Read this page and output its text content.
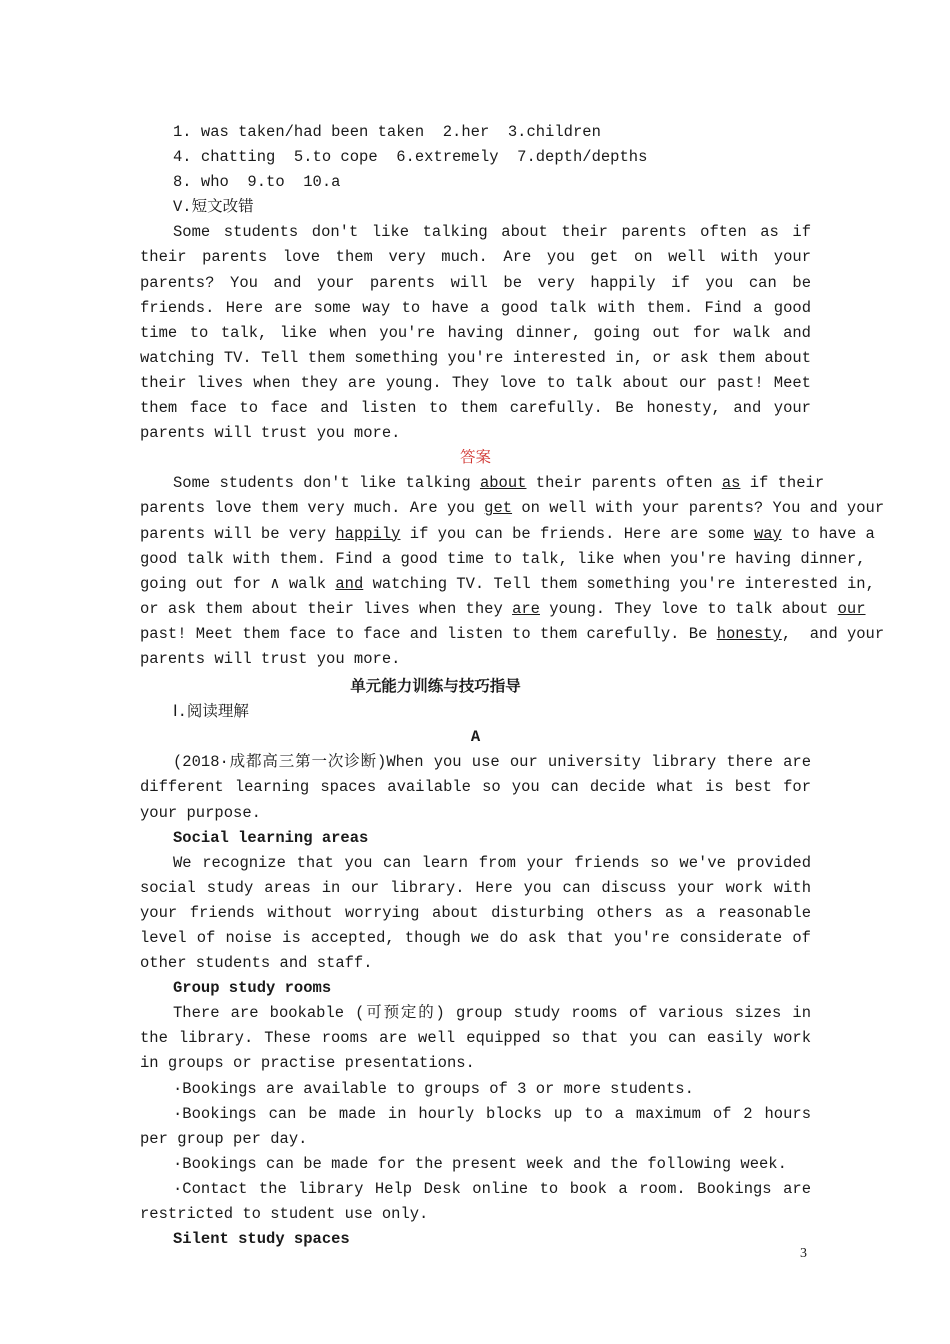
1. was taken/had been taken  2.her  3.children
4. chatting  5.to cope  6.extremely  7.depth/depths
8. who  9.to  10.a
V.短文改错

Some students don't like talking about their parents often as if their parents love them very much. Are you get on well with your parents? You and your parents will be very happily if you can be friends. Here are some way to have a good talk with them. Find a good time to talk, like when you're having dinner, going out for walk and watching TV. Tell them something you're interested in, or ask them about their lives when they are young. They love to talk about our past! Meet them face to face and listen to them carefully. Be honesty, and your parents will trust you more.

答案
Some students don't like talking about their parents often as if their
parents love them very much. Are you get on well with your parents? You and your
parents will be very happily if you can be friends. Here are some way to have a
good talk with them. Find a good time to talk, like when you're having dinner,
going out for ∧ walk and watching TV. Tell them something you're interested in,
or ask them about their lives when they are young. They love to talk about our
past! Meet them face to face and listen to them carefully. Be honesty,  and your
parents will trust you more.
单元能力训练与技巧指导
Ⅰ.阅读理解
A

(2018·成都高三第一次诊断)When you use our university library there are different learning spaces available so you can decide what is best for your purpose.

Social learning areas

We recognize that you can learn from your friends so we've provided social study areas in our library. Here you can discuss your work with your friends without worrying about disturbing others as a reasonable level of noise is accepted, though we do ask that you're considerate of other students and staff.

Group study rooms

There are bookable (可预定的) group study rooms of various sizes in the library. These rooms are well equipped so that you can easily work in groups or practise presentations.

·Bookings are available to groups of 3 or more students.

·Bookings can be made in hourly blocks up to a maximum of 2 hours per group per day.

·Bookings can be made for the present week and the following week.

·Contact the library Help Desk online to book a room. Bookings are restricted to student use only.

Silent study spaces
3
